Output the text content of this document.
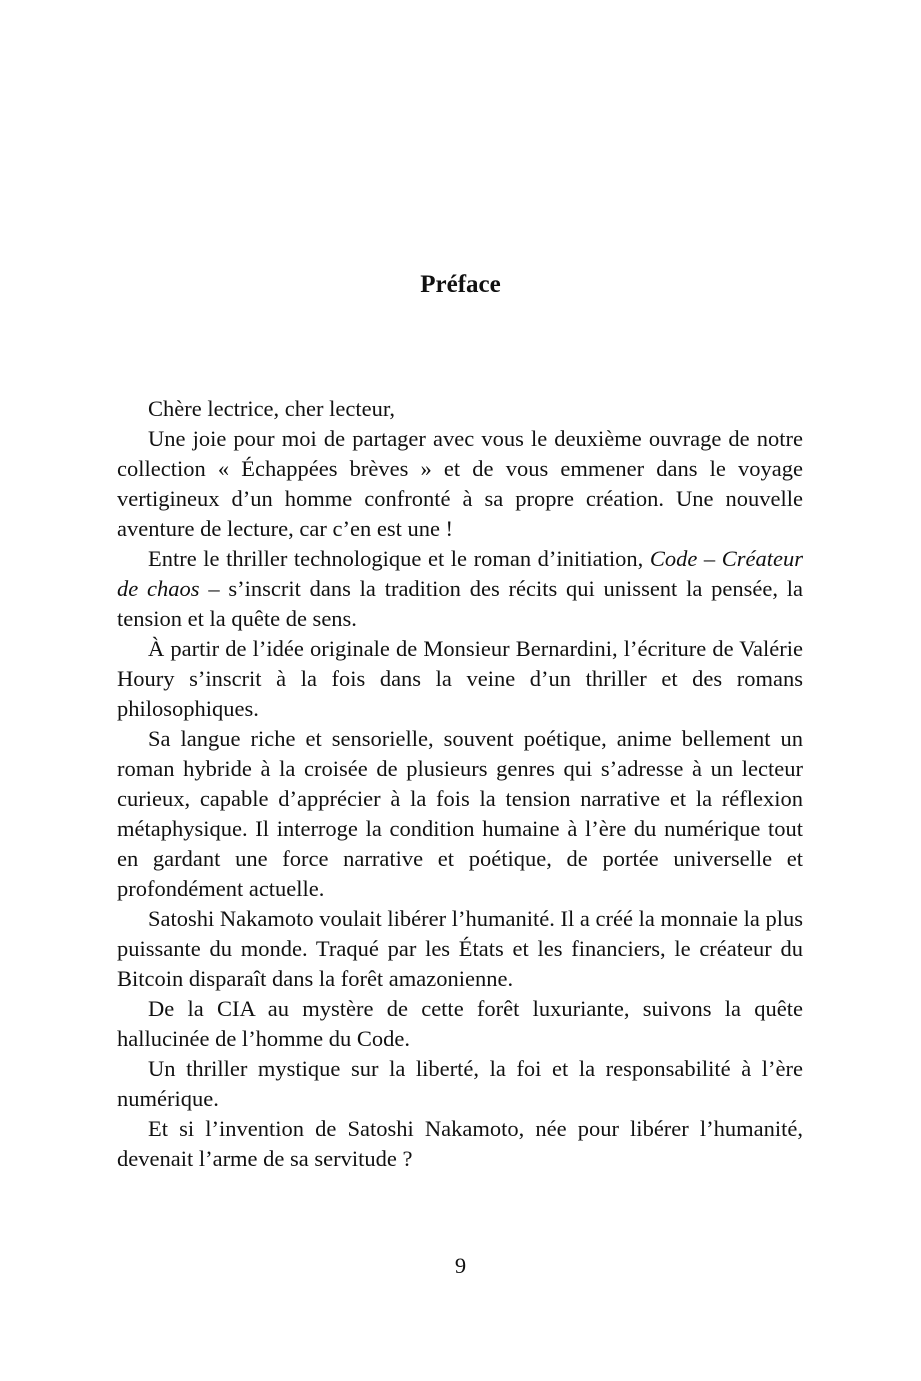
Préface

Chère lectrice, cher lecteur,

Une joie pour moi de partager avec vous le deuxième ouvrage de notre collection « Échappées brèves » et de vous emmener dans le voyage vertigineux d’un homme confronté à sa propre création. Une nouvelle aventure de lecture, car c’en est une !

Entre le thriller technologique et le roman d’initiation, Code – Créateur de chaos – s’inscrit dans la tradition des récits qui unissent la pensée, la tension et la quête de sens.

À partir de l’idée originale de Monsieur Bernardini, l’écriture de Valérie Houry s’inscrit à la fois dans la veine d’un thriller et des romans philosophiques.

Sa langue riche et sensorielle, souvent poétique, anime bellement un roman hybride à la croisée de plusieurs genres qui s’adresse à un lecteur curieux, capable d’apprécier à la fois la tension narrative et la réflexion métaphysique. Il interroge la condition humaine à l’ère du numérique tout en gardant une force narrative et poétique, de portée universelle et profondément actuelle.

Satoshi Nakamoto voulait libérer l’humanité. Il a créé la monnaie la plus puissante du monde. Traqué par les États et les financiers, le créateur du Bitcoin disparaît dans la forêt amazonienne.

De la CIA au mystère de cette forêt luxuriante, suivons la quête hallucinée de l’homme du Code.

Un thriller mystique sur la liberté, la foi et la responsabilité à l’ère numérique.

Et si l’invention de Satoshi Nakamoto, née pour libérer l’humanité, devenait l’arme de sa servitude ?

9
